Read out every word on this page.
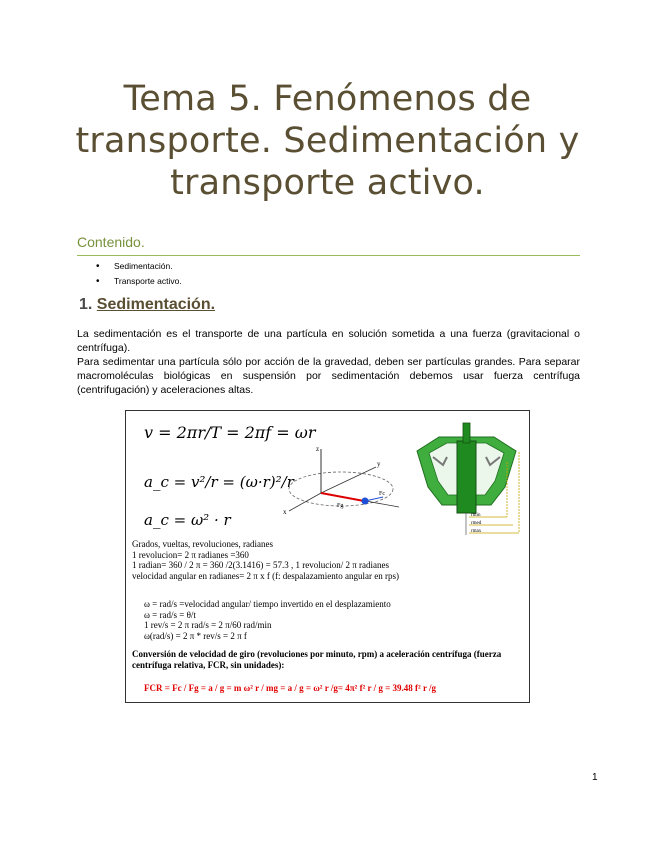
Tema 5. Fenómenos de
transporte. Sedimentación y
transporte activo.
Contenido.
• Sedimentación.
• Transporte activo.
1. Sedimentación.

La sedimentación es el transporte de una partícula en solución sometida a una fuerza (gravitacional o centrífuga).

Para sedimentar una partícula sólo por acción de la gravedad, deben ser partículas grandes. Para separar macromoléculas biológicas en suspensión por sedimentación debemos usar fuerza centrífuga (centrifugación) y aceleraciones altas.

v = 2πr/T = 2πf = ωr
a_c = v²/r = (ω·r)²/r
a_c = ω² · r
z
y
x
Fg
Fc
rmin
rmed
rmax
Grados, vueltas, revoluciones, radianes
1 revolucion= 2 π radianes =360
1 radian= 360 / 2 π = 360 /2(3.1416) = 57.3 , 1 revolucion/ 2 π radianes
velocidad angular en radianes= 2 π x f (f: despalazamiento angular en rps)
ω = rad/s =velocidad angular/ tiempo invertido en el desplazamiento
ω = rad/s = θ/t
1 rev/s = 2 π rad/s = 2 π/60 rad/min
ω(rad/s) = 2 π * rev/s = 2 π f
Conversión de velocidad de giro (revoluciones por minuto, rpm) a aceleración centrífuga (fuerza centrífuga relativa, FCR, sin unidades):
FCR = Fc / Fg = a / g = m ω² r / mg = a / g = ω² r /g= 4π² f² r / g = 39.48 f² r /g
1
